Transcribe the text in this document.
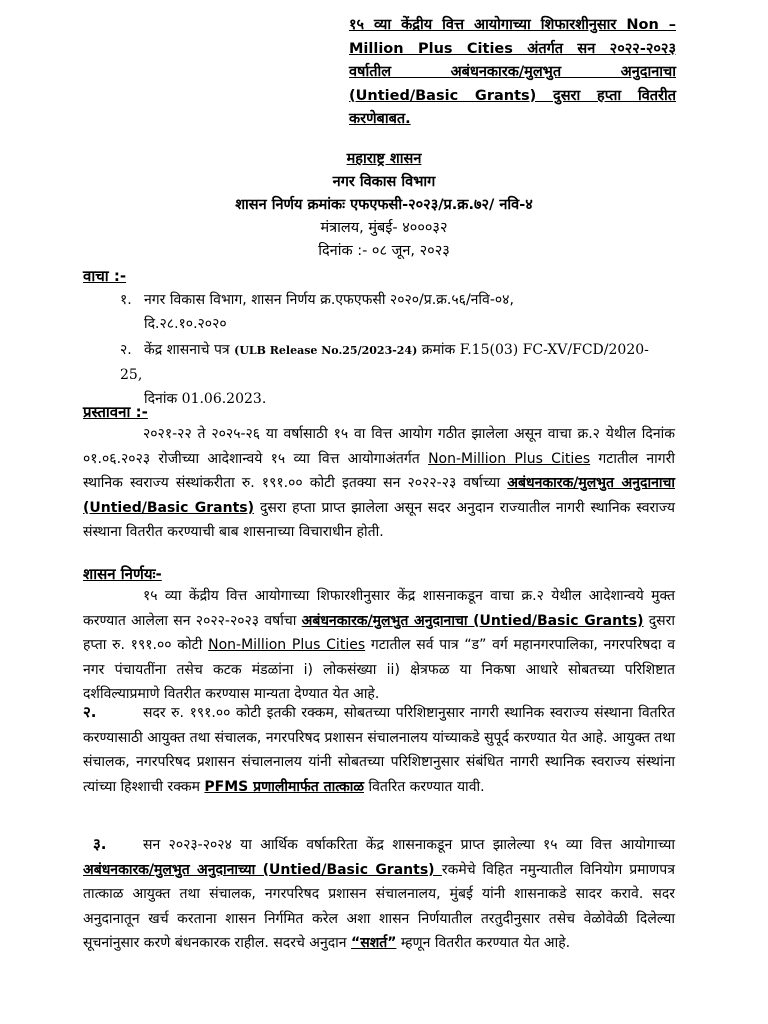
१५ व्या केंद्रीय वित्त आयोगाच्या शिफारशीनुसार Non – Million Plus Cities अंतर्गत सन २०२२-२०२३ वर्षातील अबंधनकारक/मुलभुत अनुदानाचा (Untied/Basic Grants) दुसरा हप्ता वितरीत करणेबाबत.
महाराष्ट्र शासन
नगर विकास विभाग
शासन निर्णय क्रमांकः एफएफसी-२०२३/प्र.क्र.७२/ नवि-४
मंत्रालय, मुंबई- ४०००३२
दिनांक :- ०८ जून, २०२३
वाचा :-
१. नगर विकास विभाग, शासन निर्णय क्र.एफएफसी २०२०/प्र.क्र.५६/नवि-०४,
दि.२८.१०.२०२०
२. केंद्र शासनाचे पत्र (ULB Release No.25/2023-24) क्रमांक F.15(03) FC-XV/FCD/2020-25,
दिनांक 01.06.2023.
प्रस्तावना :-
२०२१-२२ ते २०२५-२६ या वर्षासाठी १५ वा वित्त आयोग गठीत झालेला असून वाचा क्र.२ येथील दिनांक ०१.०६.२०२३ रोजीच्या आदेशान्वये १५ व्या वित्त आयोगाअंतर्गत Non-Million Plus Cities गटातील नागरी स्थानिक स्वराज्य संस्थांकरीता रु. १९१.०० कोटी इतक्या सन २०२२-२३ वर्षाच्या अबंधनकारक/मुलभुत अनुदानाचा (Untied/Basic Grants) दुसरा हप्ता प्राप्त झालेला असून सदर अनुदान राज्यातील नागरी स्थानिक स्वराज्य संस्थाना वितरीत करण्याची बाब शासनाच्या विचाराधीन होती.
शासन निर्णयः-
१५ व्या केंद्रीय वित्त आयोगाच्या शिफारशीनुसार केंद्र शासनाकडून वाचा क्र.२ येथील आदेशान्वये मुक्त करण्यात आलेला सन २०२२-२०२३ वर्षाचा अबंधनकारक/मुलभुत अनुदानाचा (Untied/Basic Grants) दुसरा हप्ता रु. १९१.०० कोटी Non-Million Plus Cities गटातील सर्व पात्र “ड” वर्ग महानगरपालिका, नगरपरिषदा व नगर पंचायतींना तसेच कटक मंडळांना i) लोकसंख्या ii) क्षेत्रफळ या निकषा आधारे सोबतच्या परिशिष्टात दर्शविल्याप्रमाणे वितरीत करण्यास मान्यता देण्यात येत आहे.
२.	सदर रु. १९१.०० कोटी इतकी रक्कम, सोबतच्या परिशिष्टानुसार नागरी स्थानिक स्वराज्य संस्थाना वितरित करण्यासाठी आयुक्त तथा संचालक, नगरपरिषद प्रशासन संचालनालय यांच्याकडे सुपूर्द करण्यात येत आहे. आयुक्त तथा संचालक, नगरपरिषद प्रशासन संचालनालय यांनी सोबतच्या परिशिष्टानुसार संबंधित नागरी स्थानिक स्वराज्य संस्थांना त्यांच्या हिश्शाची रक्कम PFMS प्रणालीमार्फत तात्काळ वितरित करण्यात यावी.
३.	सन २०२३-२०२४ या आर्थिक वर्षाकरिता केंद्र शासनाकडून प्राप्त झालेल्या १५ व्या वित्त आयोगाच्या अबंधनकारक/मुलभुत अनुदानाच्या (Untied/Basic Grants) रकमेचे विहित नमुन्यातील विनियोग प्रमाणपत्र तात्काळ आयुक्त तथा संचालक, नगरपरिषद प्रशासन संचालनालय, मुंबई यांनी शासनाकडे सादर करावे. सदर अनुदानातून खर्च करताना शासन निर्गमित करेल अशा शासन निर्णयातील तरतुदीनुसार तसेच वेळोवेळी दिलेल्या सूचनांनुसार करणे बंधनकारक राहील. सदरचे अनुदान “सशर्त” म्हणून वितरीत करण्यात येत आहे.
